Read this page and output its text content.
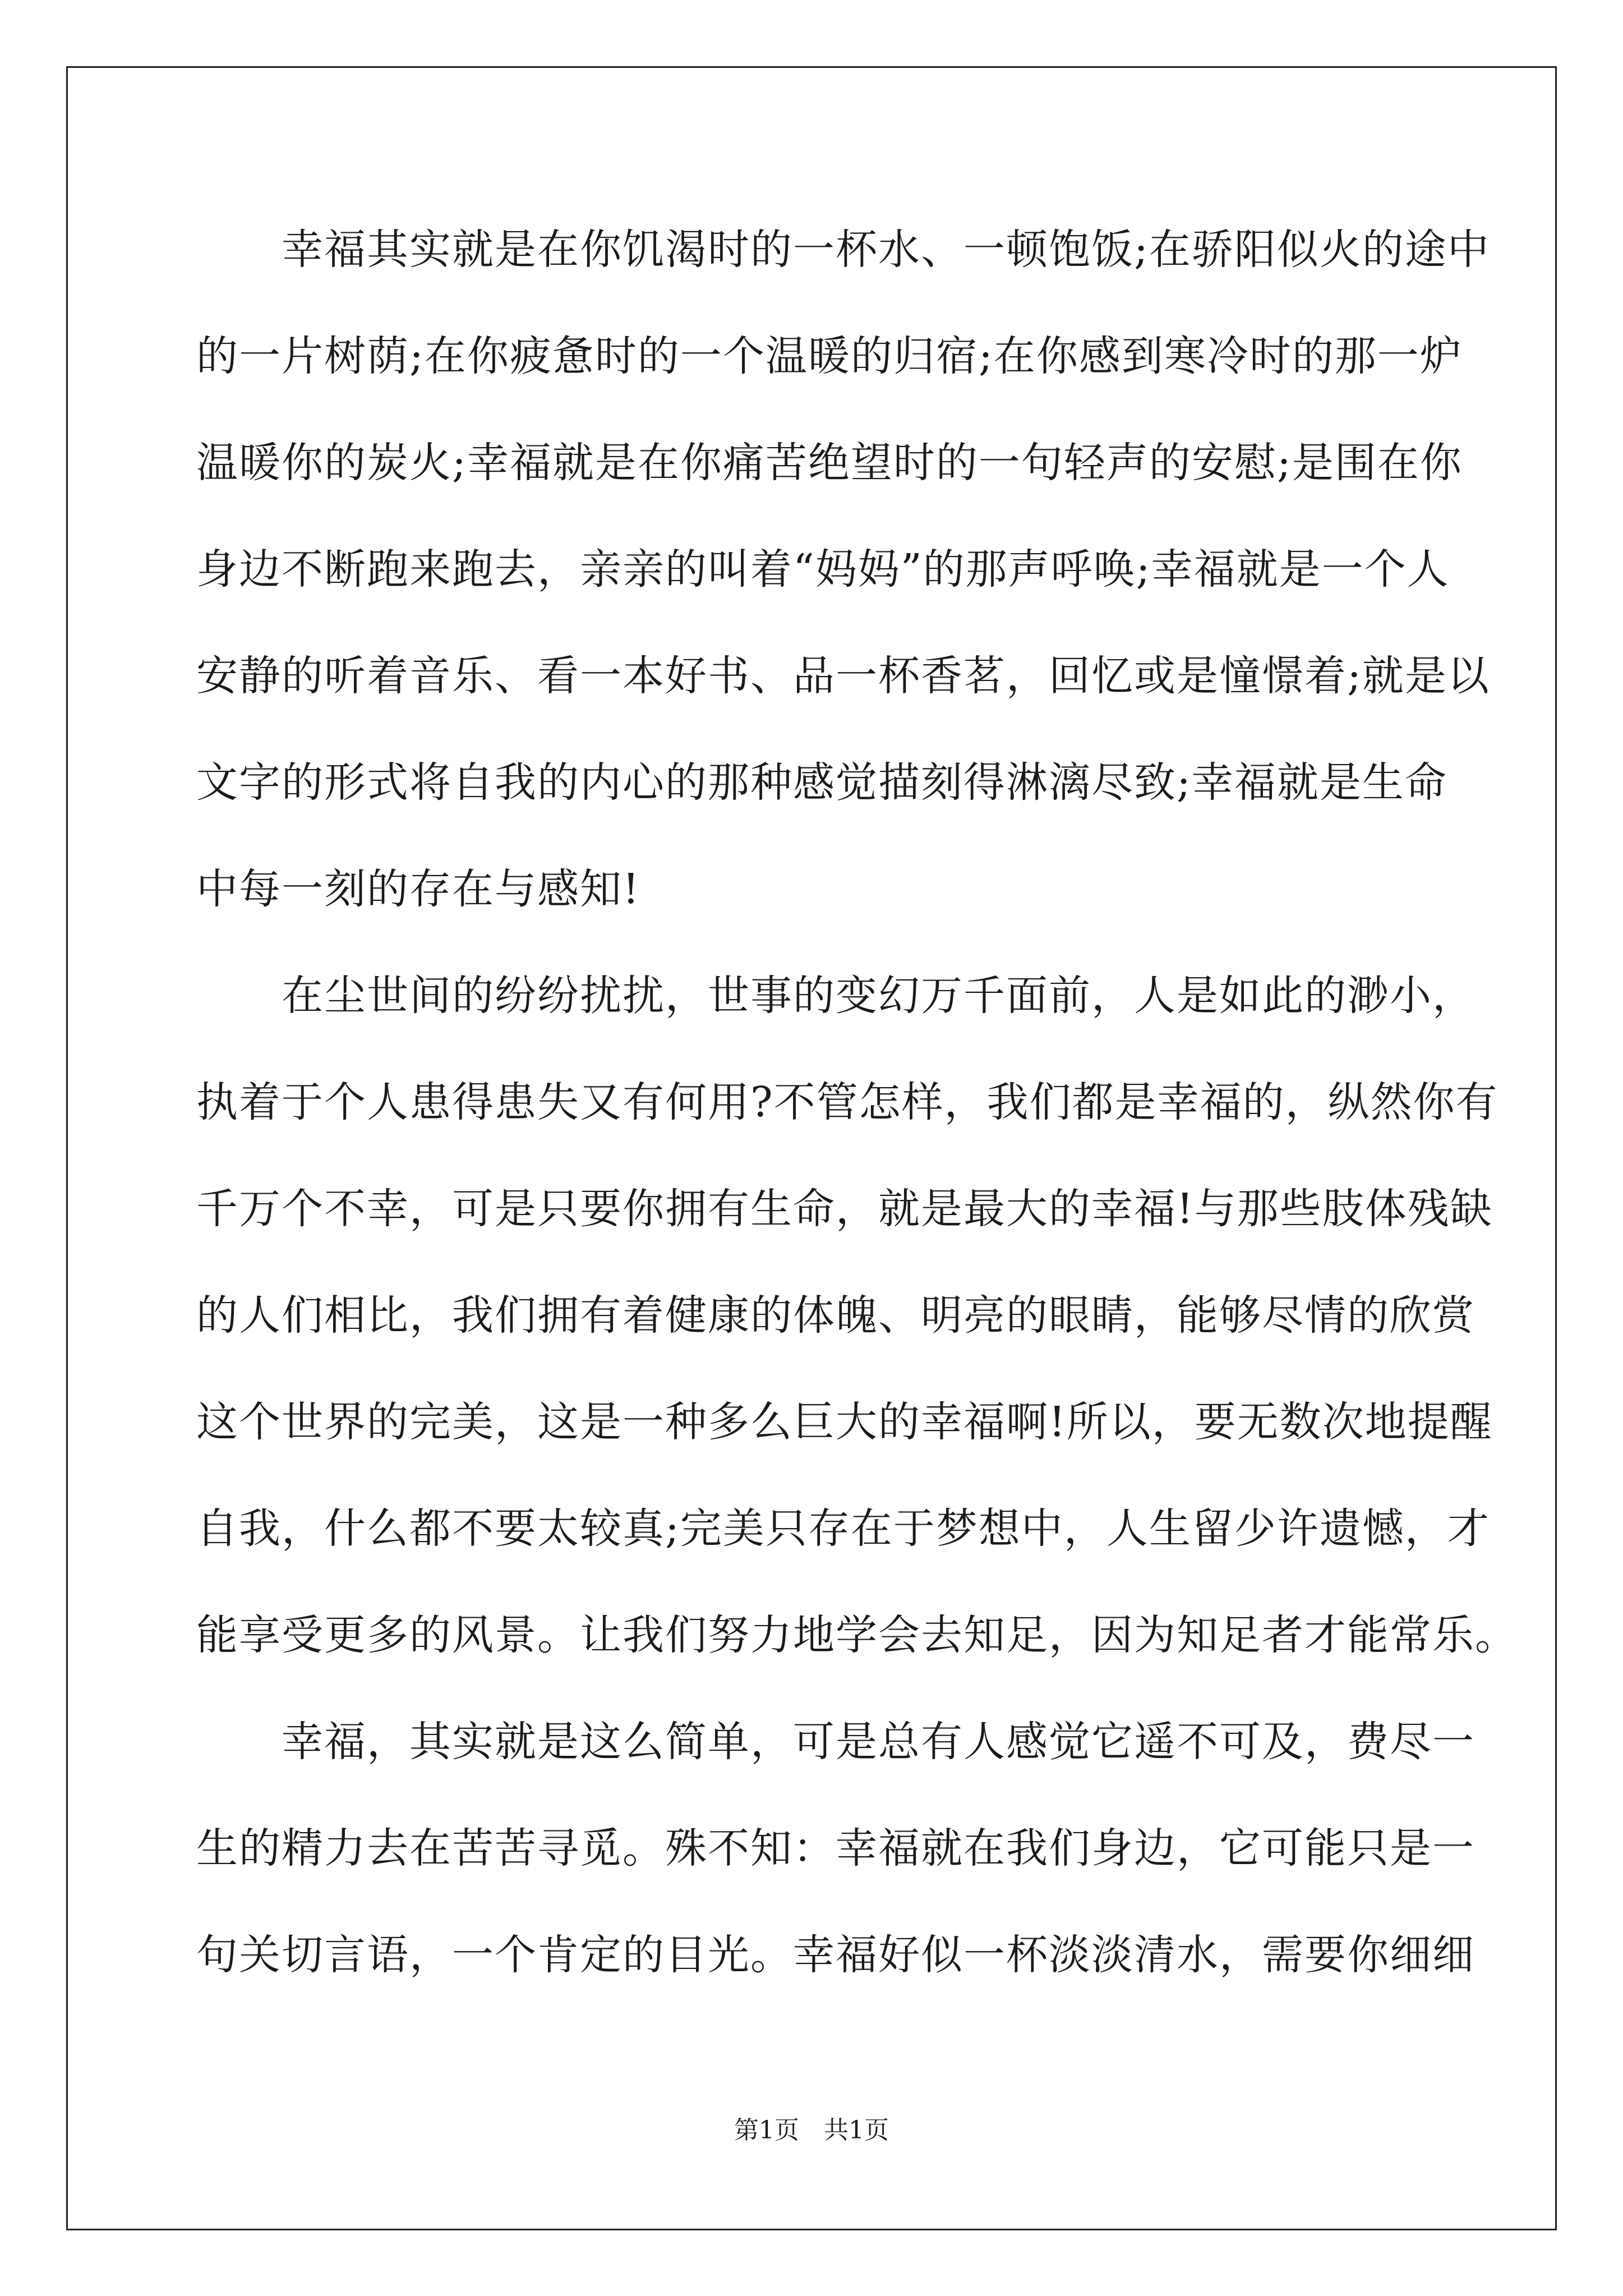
　　幸福其实就是在你饥渴时的一杯水、一顿饱饭;在骄阳似火的途中
的一片树荫;在你疲惫时的一个温暖的归宿;在你感到寒冷时的那一炉
温暖你的炭火;幸福就是在你痛苦绝望时的一句轻声的安慰;是围在你
身边不断跑来跑去，亲亲的叫着“妈妈”的那声呼唤;幸福就是一个人
安静的听着音乐、看一本好书、品一杯香茗，回忆或是憧憬着;就是以
文字的形式将自我的内心的那种感觉描刻得淋漓尽致;幸福就是生命
中每一刻的存在与感知!
　　在尘世间的纷纷扰扰，世事的变幻万千面前，人是如此的渺小，
执着于个人患得患失又有何用?不管怎样，我们都是幸福的，纵然你有
千万个不幸，可是只要你拥有生命，就是最大的幸福!与那些肢体残缺
的人们相比，我们拥有着健康的体魄、明亮的眼睛，能够尽情的欣赏
这个世界的完美，这是一种多么巨大的幸福啊!所以，要无数次地提醒
自我，什么都不要太较真;完美只存在于梦想中，人生留少许遗憾，才
能享受更多的风景。让我们努力地学会去知足，因为知足者才能常乐。
　　幸福，其实就是这么简单，可是总有人感觉它遥不可及，费尽一
生的精力去在苦苦寻觅。殊不知：幸福就在我们身边，它可能只是一
句关切言语，一个肯定的目光。幸福好似一杯淡淡清水，需要你细细
第1页　共1页
